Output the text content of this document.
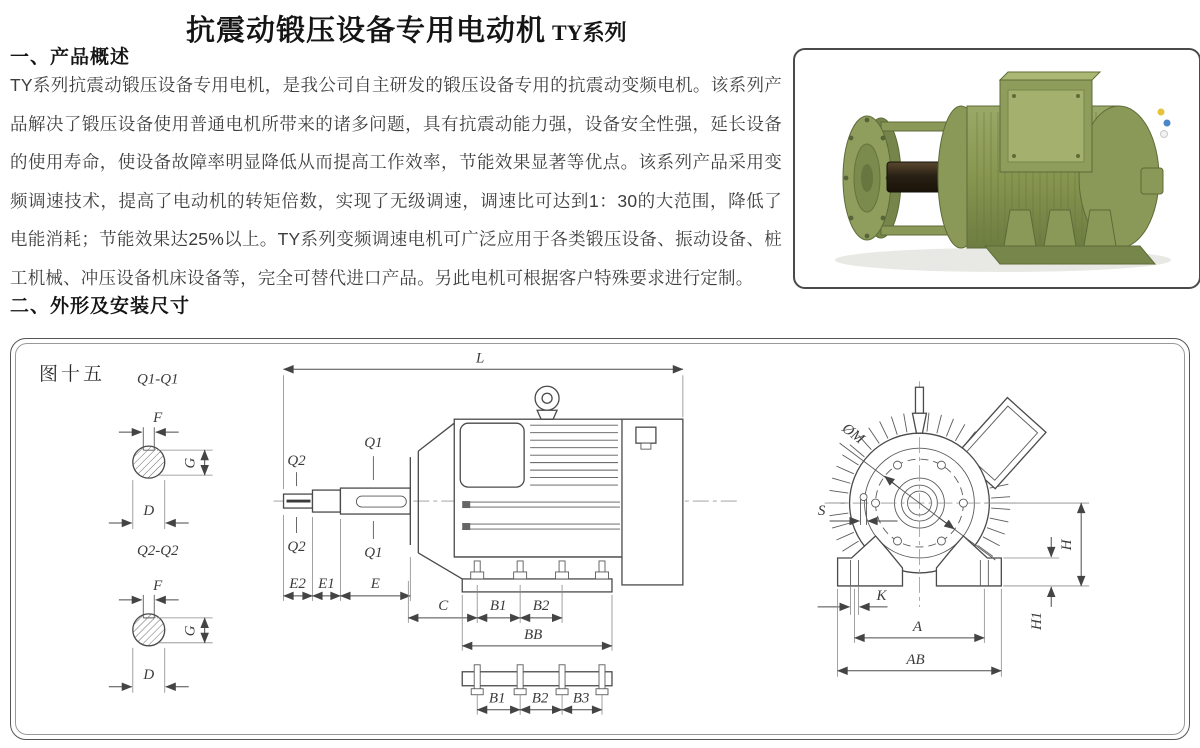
抗震动锻压设备专用电动机 TY系列
一、产品概述

TY系列抗震动锻压设备专用电机，是我公司自主研发的锻压设备专用的抗震动变频电机。该系列产品解决了锻压设备使用普通电机所带来的诸多问题，具有抗震动能力强，设备安全性强，延长设备的使用寿命，使设备故障率明显降低从而提高工作效率，节能效果显著等优点。该系列产品采用变频调速技术，提高了电动机的转矩倍数，实现了无级调速，调速比可达到1：30的大范围，降低了电能消耗；节能效果达25%以上。TY系列变频调速电机可广泛应用于各类锻压设备、振动设备、桩工机械、冲压设备机床设备等，完全可替代进口产品。另此电机可根据客户特殊要求进行定制。

二、外形及安装尺寸
图十五 Q1-Q1
F
G
D
Q2-Q2
F
G
D
L
Q2
Q2
Q1
Q1
E2 E1 E
C	B1 B2
BB
B1 B2 B3
ØM
S
K
H
H1
A
AB
